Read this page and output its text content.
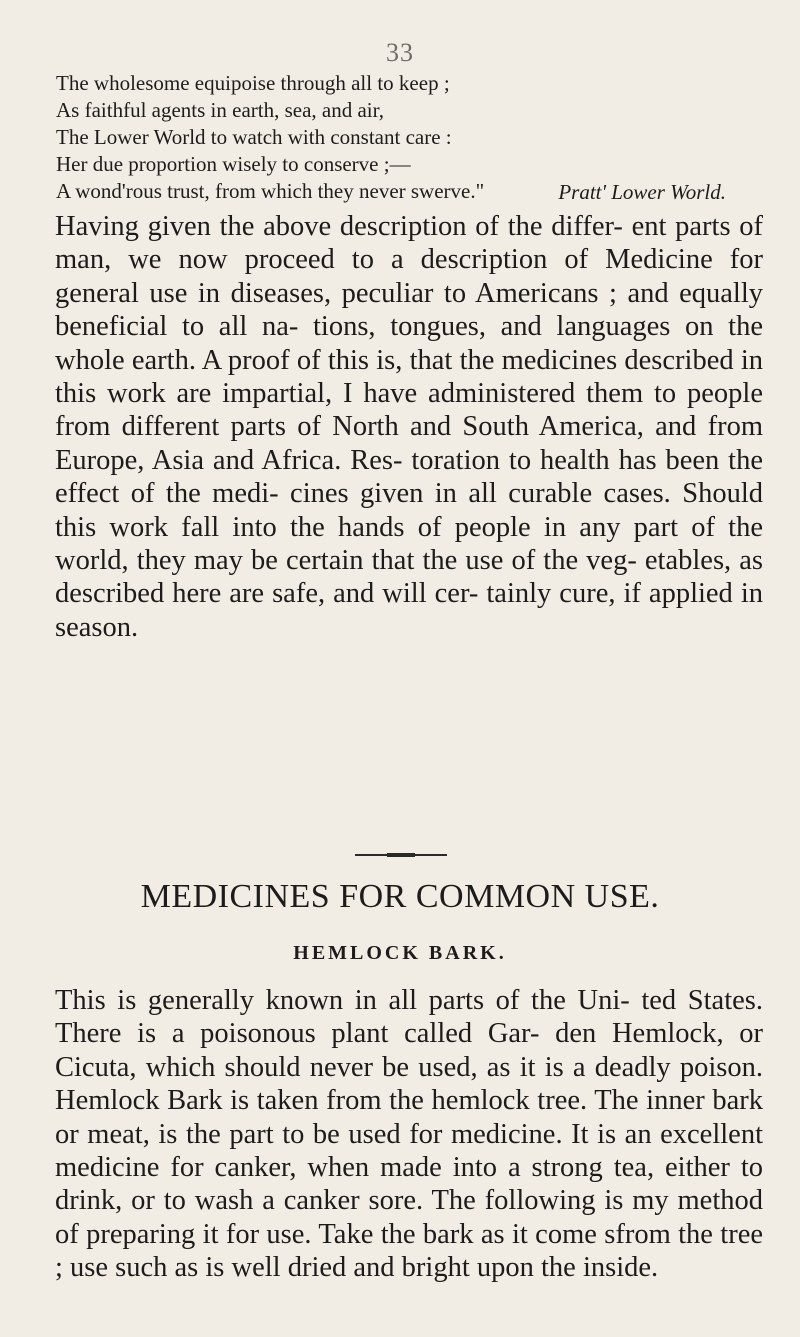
33
The wholesome equipoise through all to keep ;
As faithful agents in earth, sea, and air,
The Lower World to watch with constant care :
Her due proportion wisely to conserve ;—
A wond'rous trust, from which they never swerve."	Pratt' Lower World.

Having given the above description of the differ- ent parts of man, we now proceed to a description of Medicine for general use in diseases, peculiar to Americans ; and equally beneficial to all na- tions, tongues, and languages on the whole earth. A proof of this is, that the medicines described in this work are impartial, I have administered them to people from different parts of North and South America, and from Europe, Asia and Africa. Res- toration to health has been the effect of the medi- cines given in all curable cases. Should this work fall into the hands of people in any part of the world, they may be certain that the use of the veg- etables, as described here are safe, and will cer- tainly cure, if applied in season.

MEDICINES FOR COMMON USE.
HEMLOCK BARK.

This is generally known in all parts of the Uni- ted States. There is a poisonous plant called Gar- den Hemlock, or Cicuta, which should never be used, as it is a deadly poison. Hemlock Bark is taken from the hemlock tree. The inner bark or meat, is the part to be used for medicine. It is an excellent medicine for canker, when made into a strong tea, either to drink, or to wash a canker sore. The following is my method of preparing it for use. Take the bark as it come sfrom the tree ; use such as is well dried and bright upon the inside.
